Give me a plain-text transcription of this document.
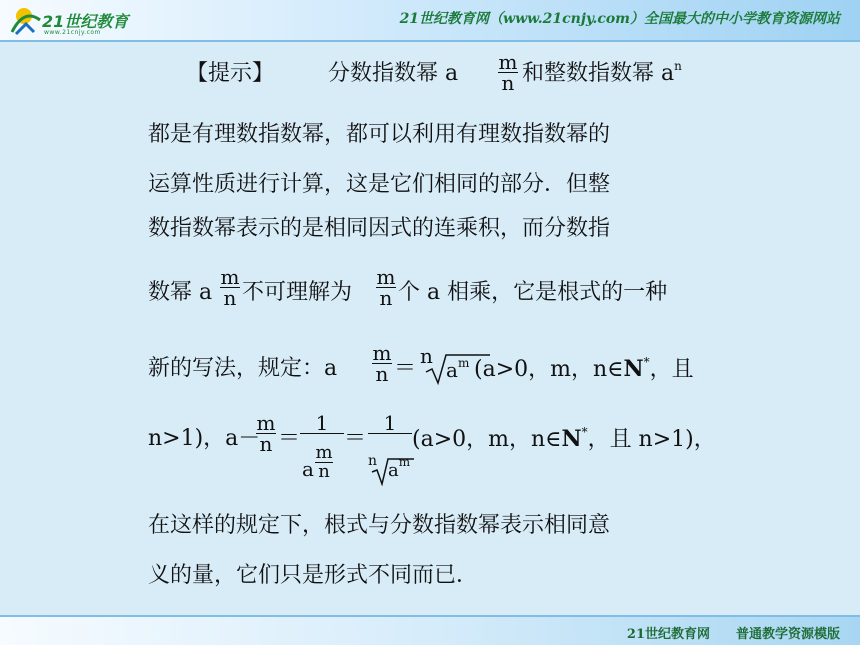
21世纪教育
www.21cnjy.com
21世纪教育网（www.21cnjy.com）全国最大的中小学教育资源网站
【提示】 分数指数幂 a m
n 和整数指数幂 $a^n$
都是有理数指数幂，都可以利用有理数指数幂的
运算性质进行计算，这是它们相同的部分．但整
数指数幂表示的是相同因式的连乘积，而分数指
数幂 a
m
n 不可理解为
m
n 个 a 相乘，它是根式的一种
新的写法，规定：a
m
n ＝ n
$a^m$ (a>0，m，n∈N*，且
n>1)，a－
m
n ＝
1
a
m
n
＝
1
n $a^m$
(a>0，m，n∈N*，且 n>1)，
在这样的规定下，根式与分数指数幂表示相同意
义的量，它们只是形式不同而已．
21世纪教育网　　普通教学资源模版
